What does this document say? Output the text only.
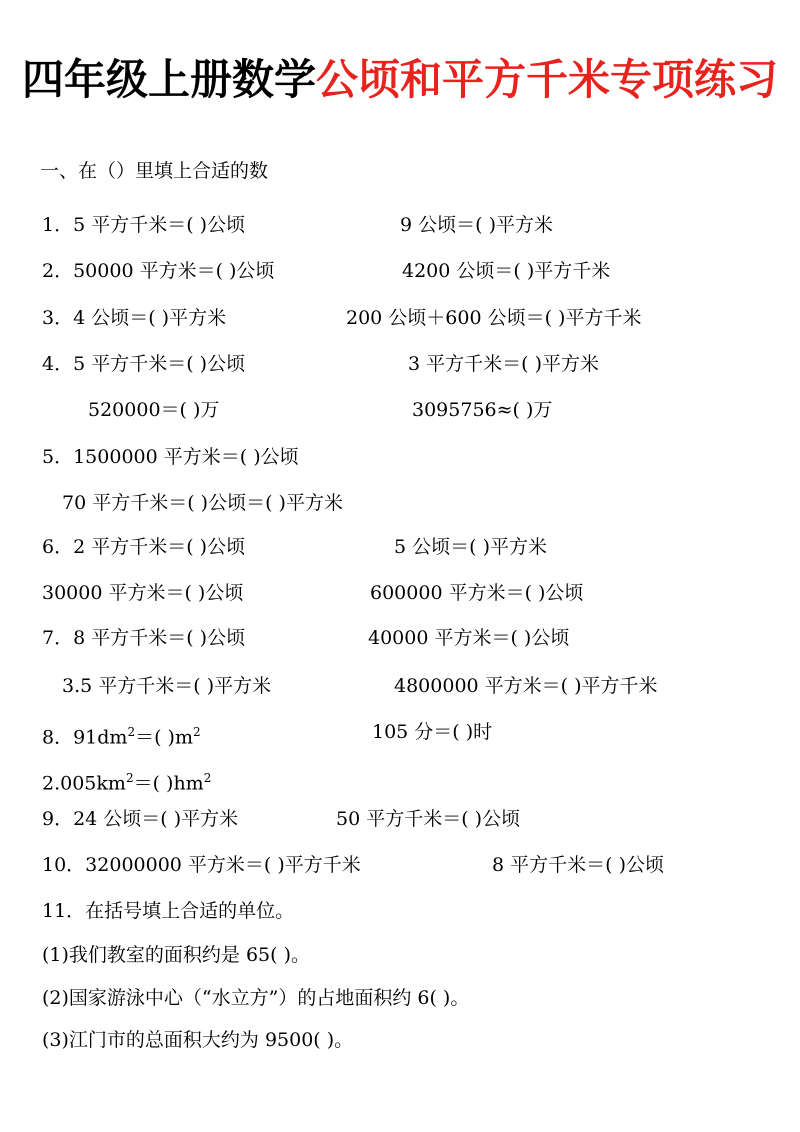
四年级上册数学公顷和平方千米专项练习
一、在（）里填上合适的数
1．5 平方千米＝( )公顷	9 公顷＝( )平方米
2．50000 平方米＝( )公顷	4200 公顷＝( )平方千米
3．4 公顷＝( )平方米	200 公顷＋600 公顷＝( )平方千米
4．5 平方千米＝( )公顷	3 平方千米＝( )平方米
520000＝( )万	3095756≈( )万
5．1500000 平方米＝( )公顷
70 平方千米＝( )公顷＝( )平方米
6．2 平方千米＝( )公顷	5 公顷＝( )平方米
30000 平方米＝( )公顷	600000 平方米＝( )公顷
7．8 平方千米＝( )公顷	40000 平方米＝( )公顷
3.5 平方千米＝( )平方米	4800000 平方米＝( )平方千米
8．$91dm^2=$( )$m^2$	105 分＝( )时
$2.005km^2=$( )$hm^2$
9．24 公顷＝( )平方米	50 平方千米＝( )公顷
10．32000000 平方米＝( )平方千米	8 平方千米＝( )公顷
11．在括号填上合适的单位。
(1)我们教室的面积约是 65( )。
(2)国家游泳中心（“水立方”）的占地面积约 6( )。
(3)江门市的总面积大约为 9500( )。
